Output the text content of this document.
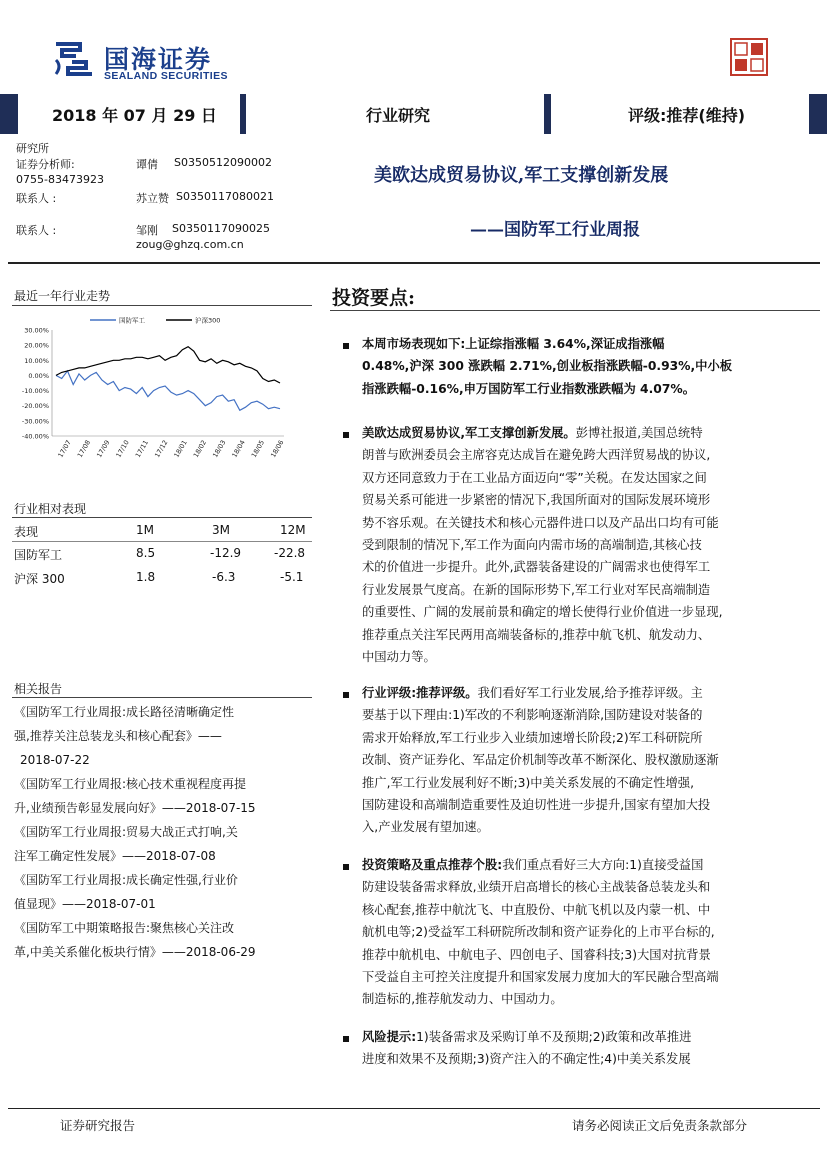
国海证券
SEALAND SECURITIES
2018 年 07 月 29 日	行业研究	评级:推荐(维持)
研究所
证券分析师:	谭倩 S0350512090002
0755-83473923
联系人 :	苏立赞 S0350117080021
联系人 :	邹刚 S0350117090025
zoug@ghzq.com.cn
美欧达成贸易协议,军工支撑创新发展
——国防军工行业周报
最近一年行业走势
30.00%
20.00%
10.00%
0.00%
-10.00%
-20.00%
-30.00%
-40.00%
17/07 17/08 17/09 17/10 17/11 17/12 18/01 18/02 18/03 18/04 18/05 18/06
国防军工	沪深300
行业相对表现
表现	1M	3M	12M
国防军工	8.5	-12.9	-22.8
沪深 300	1.8	-6.3	-5.1
相关报告
《国防军工行业周报:成长路径清晰确定性
强,推荐关注总装龙头和核心配套》——
2018-07-22
《国防军工行业周报:核心技术重视程度再提
升,业绩预告彰显发展向好》——2018-07-15
《国防军工行业周报:贸易大战正式打响,关
注军工确定性发展》——2018-07-08
《国防军工行业周报:成长确定性强,行业价
值显现》——2018-07-01
《国防军工中期策略报告:聚焦核心关注改
革,中美关系催化板块行情》——2018-06-29
投资要点:
本周市场表现如下:上证综指涨幅 3.64%,深证成指涨幅
0.48%,沪深 300 涨跌幅 2.71%,创业板指涨跌幅-0.93%,中小板
指涨跌幅-0.16%,申万国防军工行业指数涨跌幅为 4.07%。
美欧达成贸易协议,军工支撑创新发展。彭博社报道,美国总统特
朗普与欧洲委员会主席容克达成旨在避免跨大西洋贸易战的协议,
双方还同意致力于在工业品方面迈向“零”关税。在发达国家之间
贸易关系可能进一步紧密的情况下,我国所面对的国际发展环境形
势不容乐观。在关键技术和核心元器件进口以及产品出口均有可能
受到限制的情况下,军工作为面向内需市场的高端制造,其核心技
术的价值进一步提升。此外,武器装备建设的广阔需求也使得军工
行业发展景气度高。在新的国际形势下,军工行业对军民高端制造
的重要性、广阔的发展前景和确定的增长使得行业价值进一步显现,
推荐重点关注军民两用高端装备标的,推荐中航飞机、航发动力、
中国动力等。
行业评级:推荐评级。我们看好军工行业发展,给予推荐评级。主
要基于以下理由:1)军改的不利影响逐渐消除,国防建设对装备的
需求开始释放,军工行业步入业绩加速增长阶段;2)军工科研院所
改制、资产证券化、军品定价机制等改革不断深化、股权激励逐渐
推广,军工行业发展利好不断;3)中美关系发展的不确定性增强,
国防建设和高端制造重要性及迫切性进一步提升,国家有望加大投
入,产业发展有望加速。
投资策略及重点推荐个股:我们重点看好三大方向:1)直接受益国
防建设装备需求释放,业绩开启高增长的核心主战装备总装龙头和
核心配套,推荐中航沈飞、中直股份、中航飞机以及内蒙一机、中
航机电等;2)受益军工科研院所改制和资产证券化的上市平台标的,
推荐中航机电、中航电子、四创电子、国睿科技;3)大国对抗背景
下受益自主可控关注度提升和国家发展力度加大的军民融合型高端
制造标的,推荐航发动力、中国动力。
风险提示:1)装备需求及采购订单不及预期;2)政策和改革推进
进度和效果不及预期;3)资产注入的不确定性;4)中美关系发展
证券研究报告	请务必阅读正文后免责条款部分
